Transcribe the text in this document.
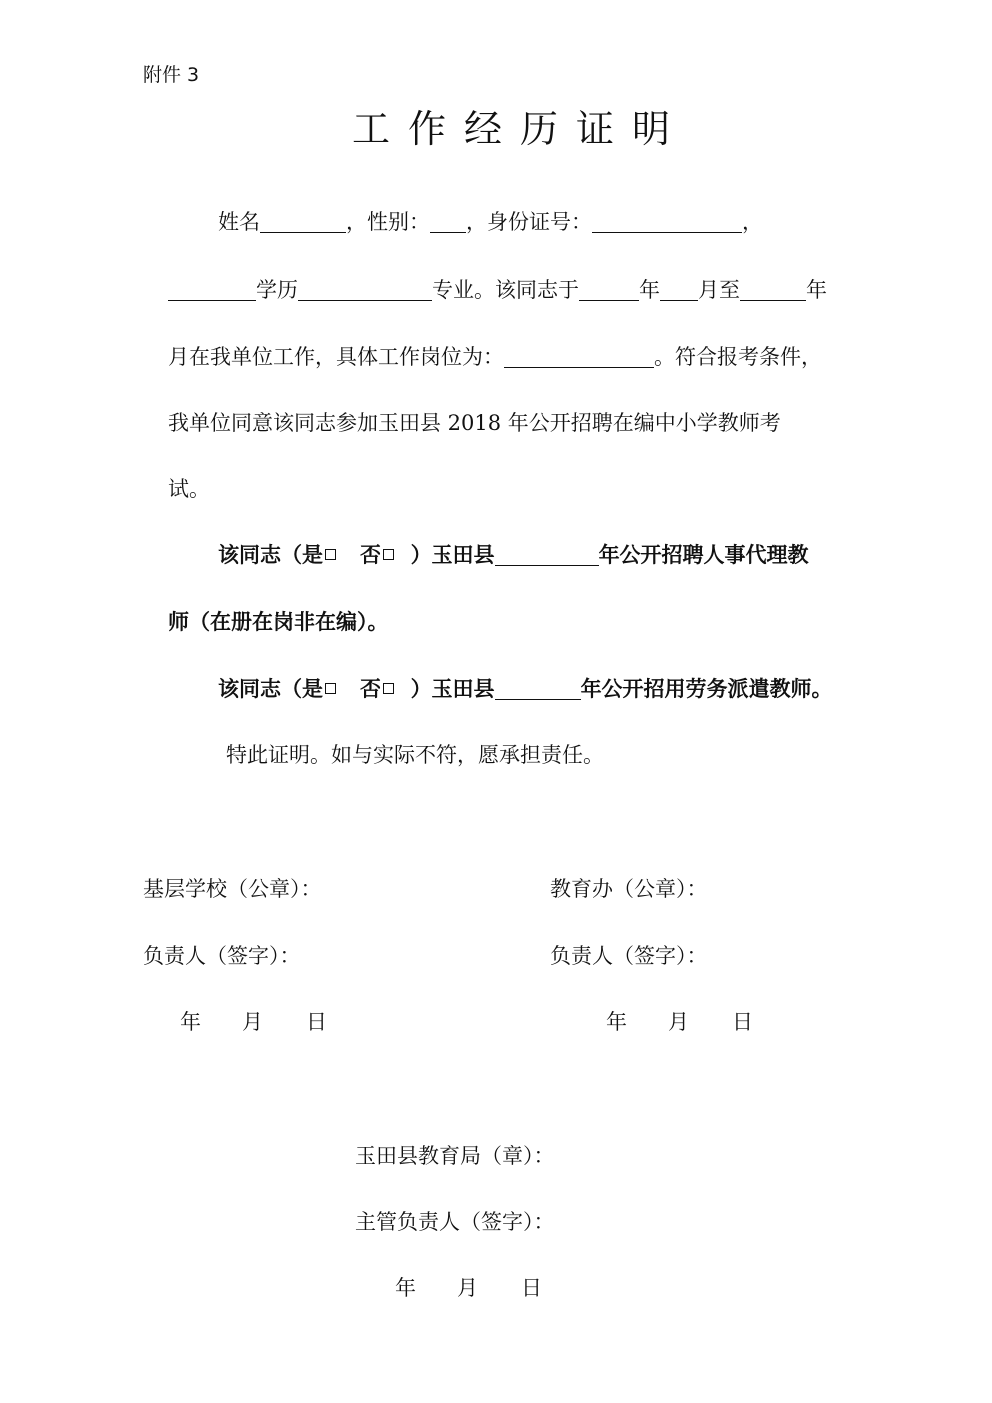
附件 3
工作经历证明
姓名	，性别： ，身份证号：	，
学历	专业。该同志于	年 月至	年
月在我单位工作，具体工作岗位为：	。符合报考条件，
我单位同意该同志参加玉田县 2018 年公开招聘在编中小学教师考
试。
该同志（是 否 ）玉田县	年公开招聘人事代理教
师（在册在岗非在编）。
该同志（是 否 ）玉田县	年公开招用劳务派遣教师。
特此证明。如与实际不符，愿承担责任。
基层学校（公章）：	教育办（公章）：
负责人（签字）：	负责人（签字）：
年 月 日	年 月 日
玉田县教育局（章）：
主管负责人（签字）：
年 月 日
